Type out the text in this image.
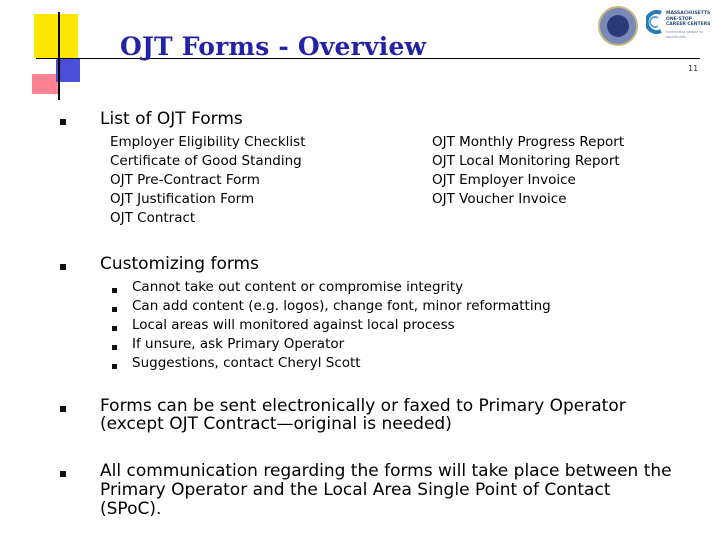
OJT Forms - Overview
11
MASSACHUSETTS
ONE-STOP
CAREER CENTERS
connecting people to opportunity
List of OJT Forms
Employer Eligibility Checklist
Certificate of Good Standing
OJT Pre-Contract Form
OJT Justification Form
OJT Contract
OJT Monthly Progress Report
OJT Local Monitoring Report
OJT Employer Invoice
OJT Voucher Invoice
Customizing forms
Cannot take out content or compromise integrity
Can add content (e.g. logos), change font, minor reformatting
Local areas will monitored against local process
If unsure, ask Primary Operator
Suggestions, contact Cheryl Scott
Forms can be sent electronically or faxed to Primary Operator
(except OJT Contract—original is needed)
All communication regarding the forms will take place between the
Primary Operator and the Local Area Single Point of Contact
(SPoC).
